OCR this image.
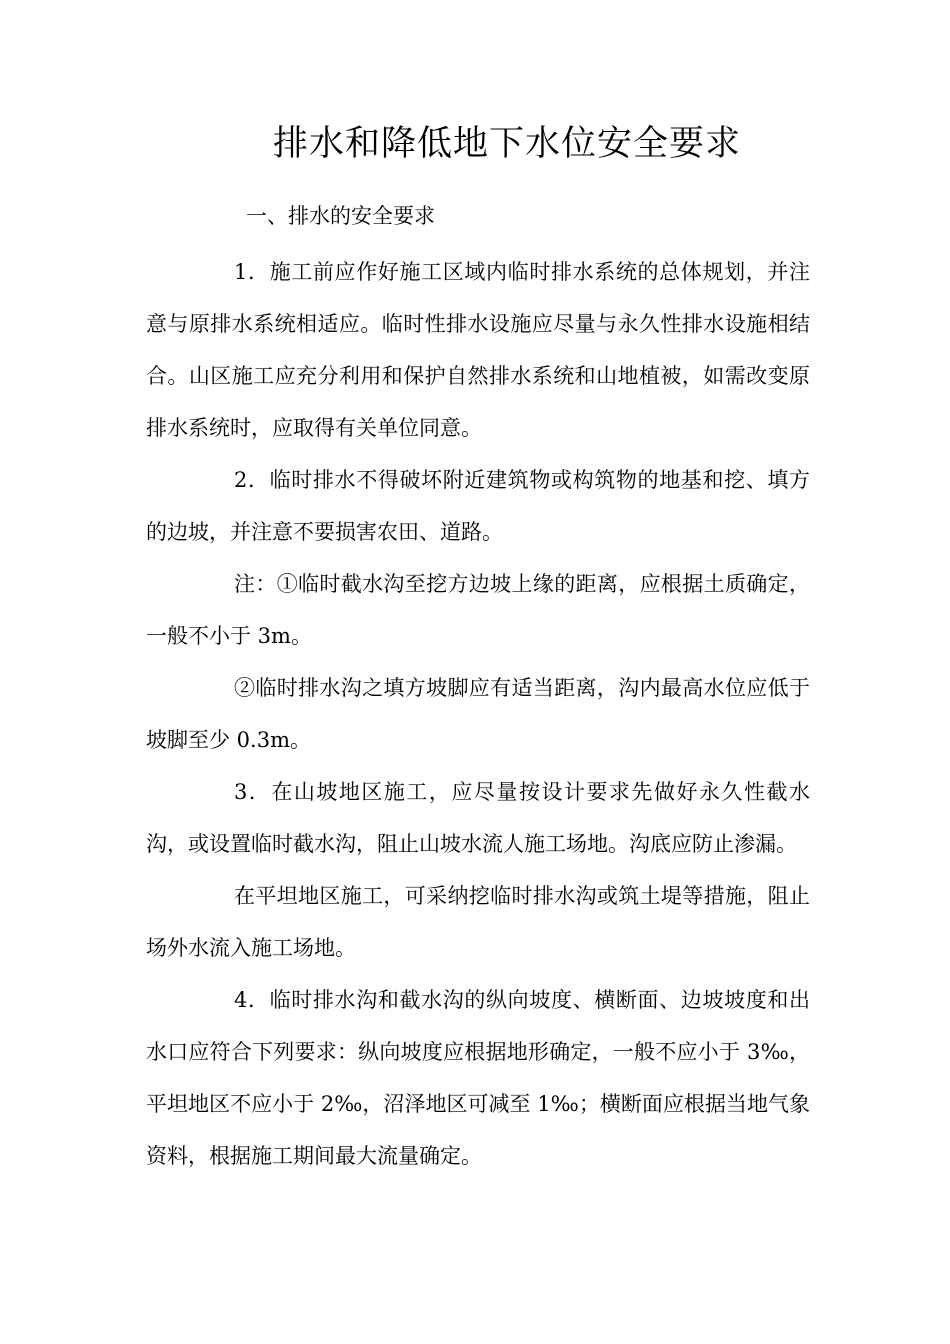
排水和降低地下水位安全要求
一、排水的安全要求

1．施工前应作好施工区域内临时排水系统的总体规划，并注意与原排水系统相适应。临时性排水设施应尽量与永久性排水设施相结合。山区施工应充分利用和保护自然排水系统和山地植被，如需改变原排水系统时，应取得有关单位同意。

2．临时排水不得破坏附近建筑物或构筑物的地基和挖、填方的边坡，并注意不要损害农田、道路。

注：①临时截水沟至挖方边坡上缘的距离，应根据土质确定，一般不小于 3m。

②临时排水沟之填方坡脚应有适当距离，沟内最高水位应低于坡脚至少 0.3m。

3．在山坡地区施工，应尽量按设计要求先做好永久性截水沟，或设置临时截水沟，阻止山坡水流人施工场地。沟底应防止渗漏。

在平坦地区施工，可采纳挖临时排水沟或筑土堤等措施，阻止场外水流入施工场地。

4．临时排水沟和截水沟的纵向坡度、横断面、边坡坡度和出水口应符合下列要求：纵向坡度应根据地形确定，一般不应小于 3‰，平坦地区不应小于 2‰，沼泽地区可减至 1‰；横断面应根据当地气象资料，根据施工期间最大流量确定。
